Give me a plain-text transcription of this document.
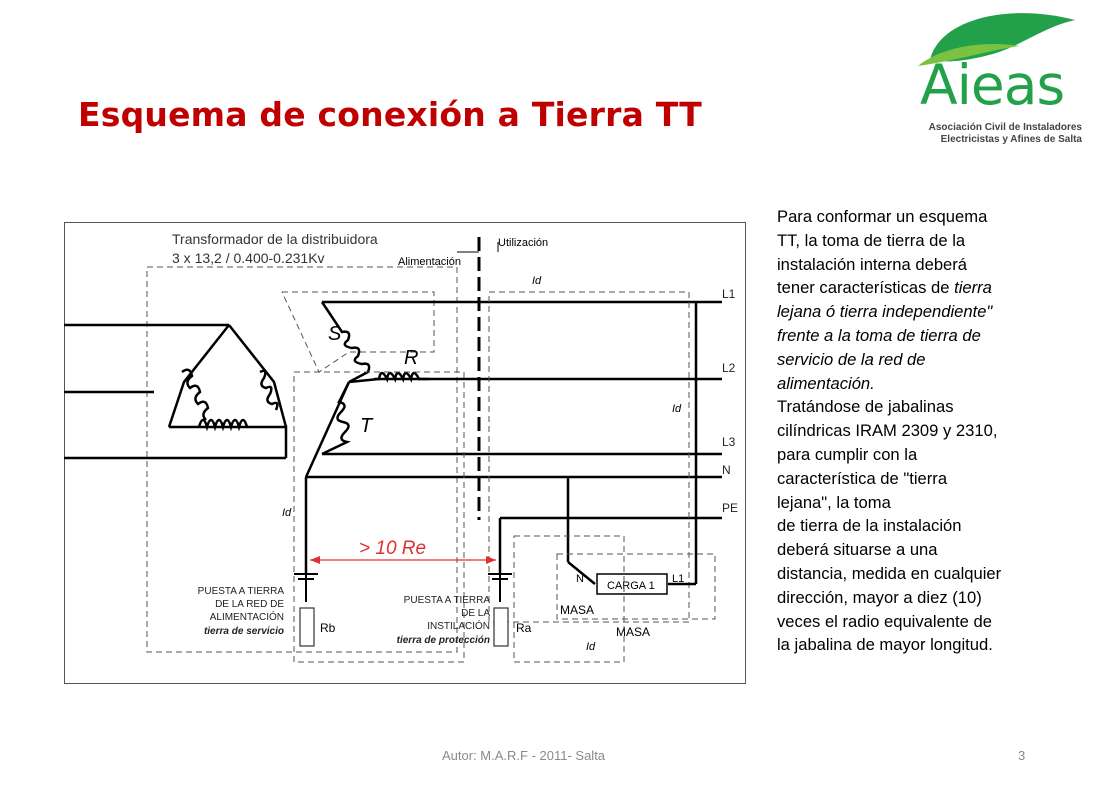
Esquema de conexión a Tierra TT	Aieas
Asociación Civil de Instaladores
Electricistas y Afines de Salta
Transformador de la distribuidora
3 x 13,2 / 0.400-0.231Kv
S
R
T
Utilización
Alimentación
L1
L2
L3
N
PE
Id
Id
Id
Id
CARGA 1
N	L1
MASA
MASA
Rb	Ra
> 10 Re
PUESTA A TIERRA
DE LA RED DE
ALIMENTACIÓN
tierra de servicio
PUESTA A TIERRA
DE LA
INSTILACIÓN
tierra de protección
Para conformar un esquema
TT, la toma de tierra de la
instalación interna deberá
tener características de tierra
lejana ó tierra independiente"
frente a la toma de tierra de
servicio de la red de
alimentación.
Tratándose de jabalinas
cilíndricas IRAM 2309 y 2310,
para cumplir con la
característica de "tierra
lejana", la toma
de tierra de la instalación
deberá situarse a una
distancia, medida en cualquier
dirección, mayor a diez (10)
veces el radio equivalente de
la jabalina de mayor longitud.
Autor: M.A.R.F - 2011- Salta	3
